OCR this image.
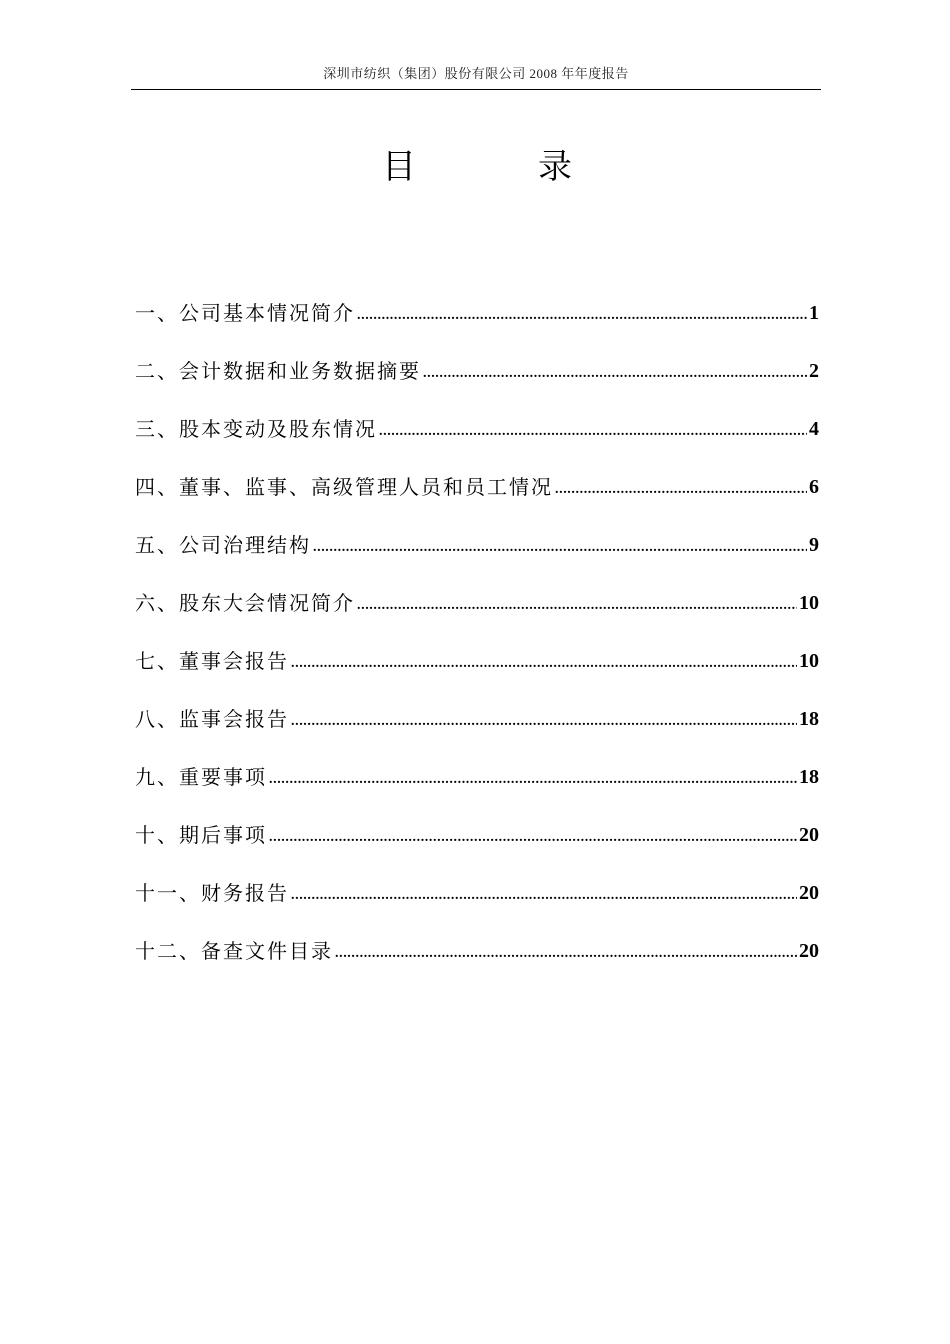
深圳市纺织（集团）股份有限公司 2008 年年度报告
目	录
一、公司基本情况简介 .....	1
二、会计数据和业务数据摘要 .....	2
三、股本变动及股东情况 .....	4
四、董事、监事、高级管理人员和员工情况 .....	6
五、公司治理结构 .....	9
六、股东大会情况简介 .....	10
七、董事会报告 .....	10
八、监事会报告 .....	18
九、重要事项 .....	18
十、期后事项 .....	20
十一、财务报告 .....	20
十二、备查文件目录 .....	20
